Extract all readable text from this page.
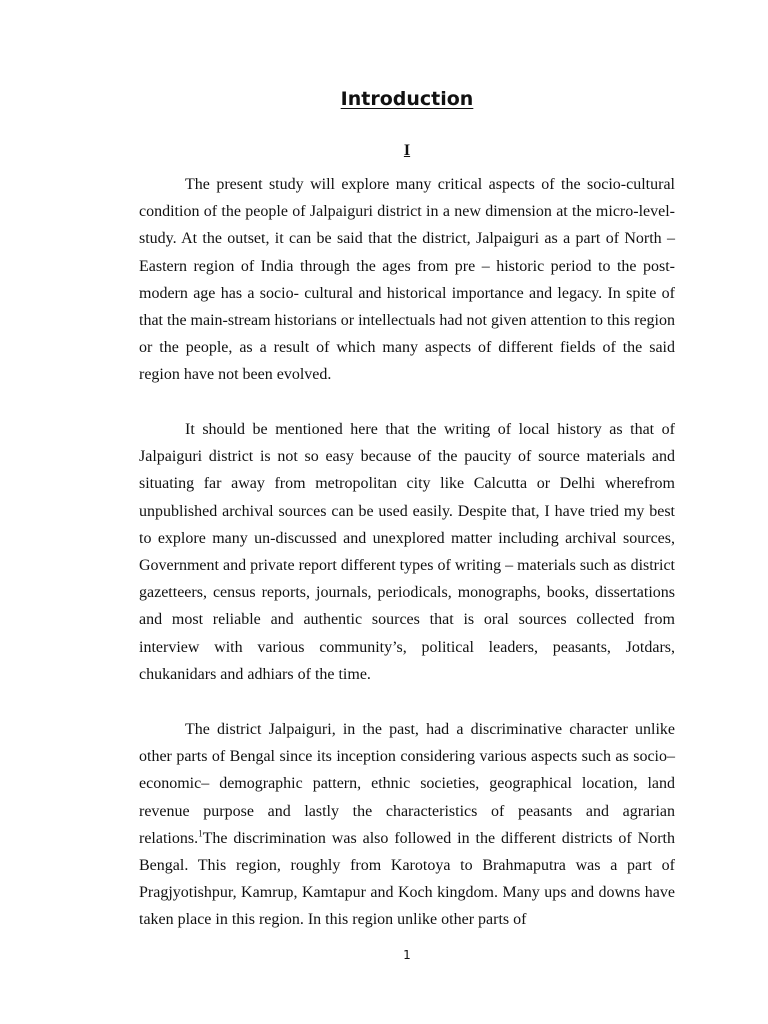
Introduction
I

The present study will explore many critical aspects of the socio-cultural condition of the people of Jalpaiguri district in a new dimension at the micro-level-study. At the outset, it can be said that the district, Jalpaiguri as a part of North – Eastern region of India through the ages from pre – historic period to the post- modern age has a socio- cultural and historical importance and legacy. In spite of that the main-stream historians or intellectuals had not given attention to this region or the people, as a result of which many aspects of different fields of the said region have not been evolved.

It should be mentioned here that the writing of local history as that of Jalpaiguri district is not so easy because of the paucity of source materials and situating far away from metropolitan city like Calcutta or Delhi wherefrom unpublished archival sources can be used easily. Despite that, I have tried my best to explore many un-discussed and unexplored matter including archival sources, Government and private report different types of writing – materials such as district gazetteers, census reports, journals, periodicals, monographs, books, dissertations and most reliable and authentic sources that is oral sources collected from interview with various community’s, political leaders, peasants, Jotdars, chukanidars and adhiars of the time.

The district Jalpaiguri, in the past, had a discriminative character unlike other parts of Bengal since its inception considering various aspects such as socio–economic– demographic pattern, ethnic societies, geographical location, land revenue purpose and lastly the characteristics of peasants and agrarian relations.$^1$The discrimination was also followed in the different districts of North Bengal. This region, roughly from Karotoya to Brahmaputra was a part of Pragjyotishpur, Kamrup, Kamtapur and Koch kingdom. Many ups and downs have taken place in this region. In this region unlike other parts of

1
